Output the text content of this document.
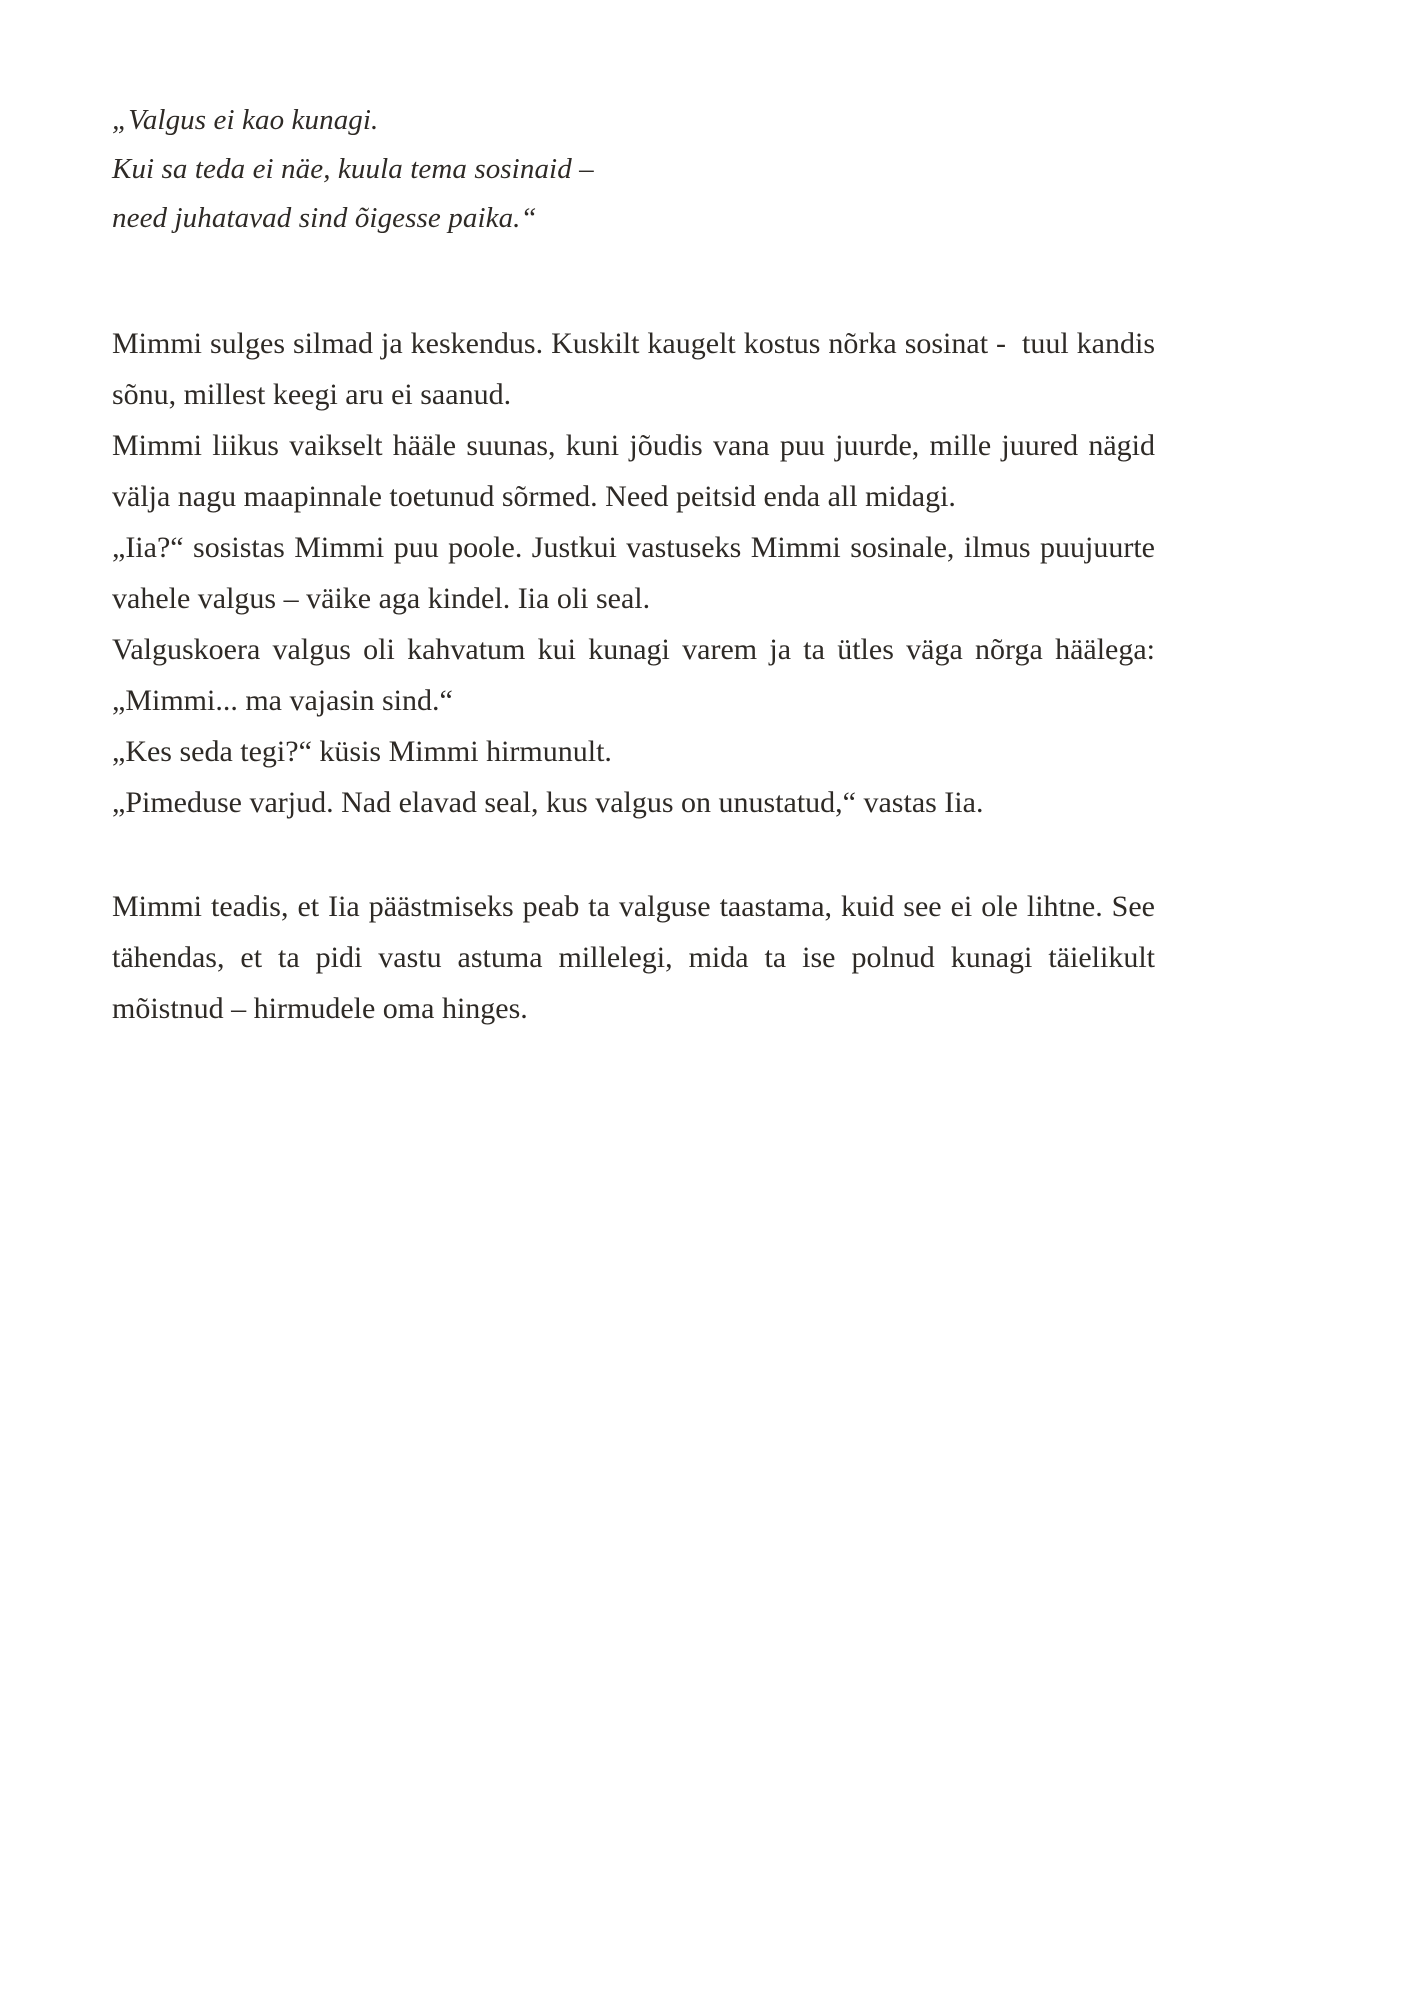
„Valgus ei kao kunagi.
Kui sa teda ei näe, kuula tema sosinaid –
need juhatavad sind õigesse paika.“

Mimmi sulges silmad ja keskendus. Kuskilt kaugelt kostus nõrka sosinat -  tuul kandis sõnu, millest keegi aru ei saanud.

Mimmi liikus vaikselt hääle suunas, kuni jõudis vana puu juurde, mille juured nägid välja nagu maapinnale toetunud sõrmed. Need peitsid enda all midagi.

„Iia?“ sosistas Mimmi puu poole. Justkui vastuseks Mimmi sosinale, ilmus puujuurte vahele valgus – väike aga kindel. Iia oli seal.

Valguskoera valgus oli kahvatum kui kunagi varem ja ta ütles väga nõrga häälega: „Mimmi... ma vajasin sind.“

„Kes seda tegi?“ küsis Mimmi hirmunult.

„Pimeduse varjud. Nad elavad seal, kus valgus on unustatud,“ vastas Iia.

Mimmi teadis, et Iia päästmiseks peab ta valguse taastama, kuid see ei ole lihtne. See tähendas, et ta pidi vastu astuma millelegi, mida ta ise polnud kunagi täielikult mõistnud – hirmudele oma hinges.
